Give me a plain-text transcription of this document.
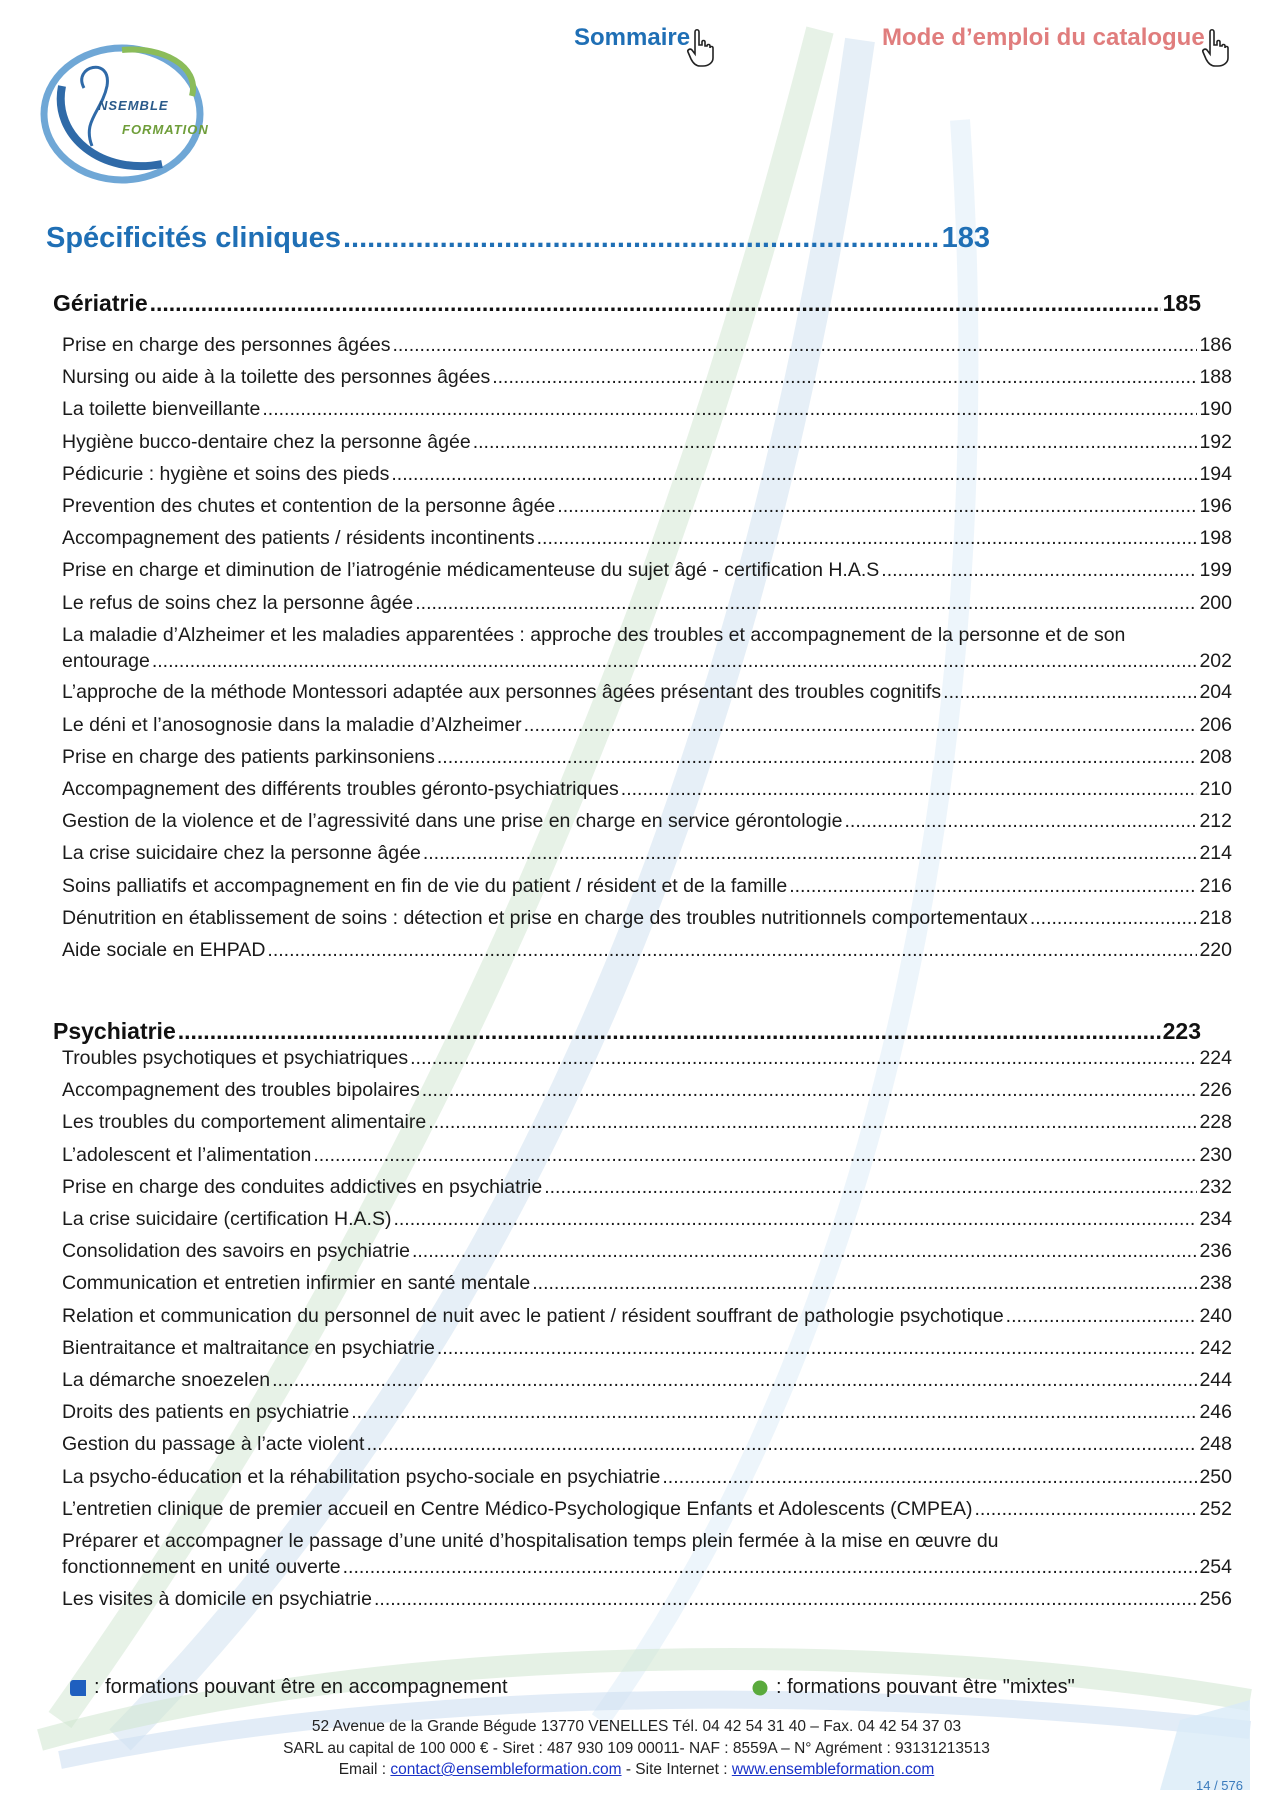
NSEMBLE
FORMATION
Sommaire	Mode d’emploi du catalogue
Spécificités cliniques .....	183
Gériatrie .....	185
Prise en charge des personnes âgées .....	186
Nursing ou aide à la toilette des personnes âgées .....	188
La toilette bienveillante .....	190
Hygiène bucco-dentaire chez la personne âgée .....	192
Pédicurie : hygiène et soins des pieds .....	194
Prevention des chutes et contention de la personne âgée .....	196
Accompagnement des patients / résidents incontinents .....	198
Prise en charge et diminution de l’iatrogénie médicamenteuse du sujet âgé - certification H.A.S .....	199
Le refus de soins chez la personne âgée .....	200
La maladie d’Alzheimer et les maladies apparentées : approche des troubles et accompagnement de la personne et de son
entourage .....	202
L’approche de la méthode Montessori adaptée aux personnes âgées présentant des troubles cognitifs .....	204
Le déni et l’anosognosie dans la maladie d’Alzheimer .....	206
Prise en charge des patients parkinsoniens .....	208
Accompagnement des différents troubles géronto-psychiatriques .....	210
Gestion de la violence et de l’agressivité dans une prise en charge en service gérontologie .....	212
La crise suicidaire chez la personne âgée .....	214
Soins palliatifs et accompagnement en fin de vie du patient / résident et de la famille .....	216
Dénutrition en établissement de soins : détection et prise en charge des troubles nutritionnels comportementaux .....	218
Aide sociale en EHPAD .....	220
Psychiatrie .....	223
Troubles psychotiques et psychiatriques .....	224
Accompagnement des troubles bipolaires .....	226
Les troubles du comportement alimentaire .....	228
L’adolescent et l’alimentation .....	230
Prise en charge des conduites addictives en psychiatrie .....	232
La crise suicidaire (certification H.A.S) .....	234
Consolidation des savoirs en psychiatrie .....	236
Communication et entretien infirmier en santé mentale .....	238
Relation et communication du personnel de nuit avec le patient / résident souffrant de pathologie psychotique .....	240
Bientraitance et maltraitance en psychiatrie .....	242
La démarche snoezelen .....	244
Droits des patients en psychiatrie .....	246
Gestion du passage à l’acte violent .....	248
La psycho-éducation et la réhabilitation psycho-sociale en psychiatrie .....	250
L’entretien clinique de premier accueil en Centre Médico-Psychologique Enfants et Adolescents (CMPEA) .....	252
Préparer et accompagner le passage d’une unité d’hospitalisation temps plein fermée à la mise en œuvre du
fonctionnement en unité ouverte .....	254
Les visites à domicile en psychiatrie .....	256
: formations pouvant être en accompagnement	: formations pouvant être "mixtes"
52 Avenue de la Grande Bégude 13770 VENELLES Tél. 04 42 54 31 40 – Fax. 04 42 54 37 03
SARL au capital de 100 000 € - Siret : 487 930 109 00011- NAF : 8559A – N° Agrément : 93131213513
Email : contact@ensembleformation.com - Site Internet : www.ensembleformation.com
14 / 576
